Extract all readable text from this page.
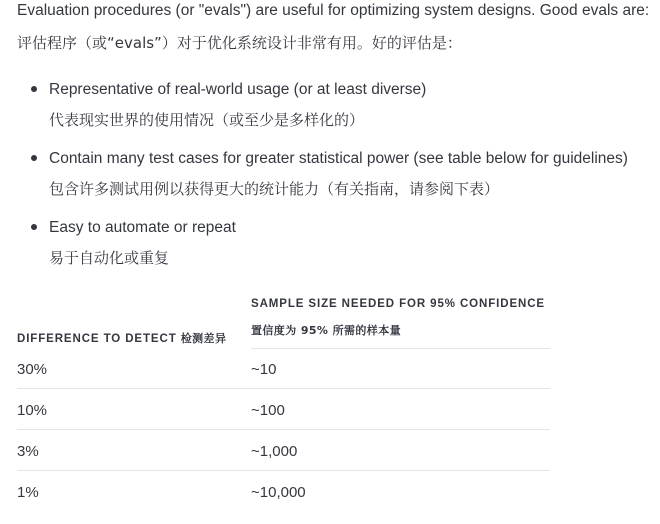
Evaluation procedures (or "evals") are useful for optimizing system designs. Good evals are:
评估程序（或“evals”）对于优化系统设计非常有用。好的评估是：
Representative of real-world usage (or at least diverse)
代表现实世界的使用情况（或至少是多样化的）
Contain many test cases for greater statistical power (see table below for guidelines)
包含许多测试用例以获得更大的统计能力（有关指南，请参阅下表）
Easy to automate or repeat
易于自动化或重复
DIFFERENCE TO DETECT 检测差异
SAMPLE SIZE NEEDED FOR 95% CONFIDENCE
置信度为 95% 所需的样本量
30%	~10
10%	~100
3%	~1,000
1%	~10,000
